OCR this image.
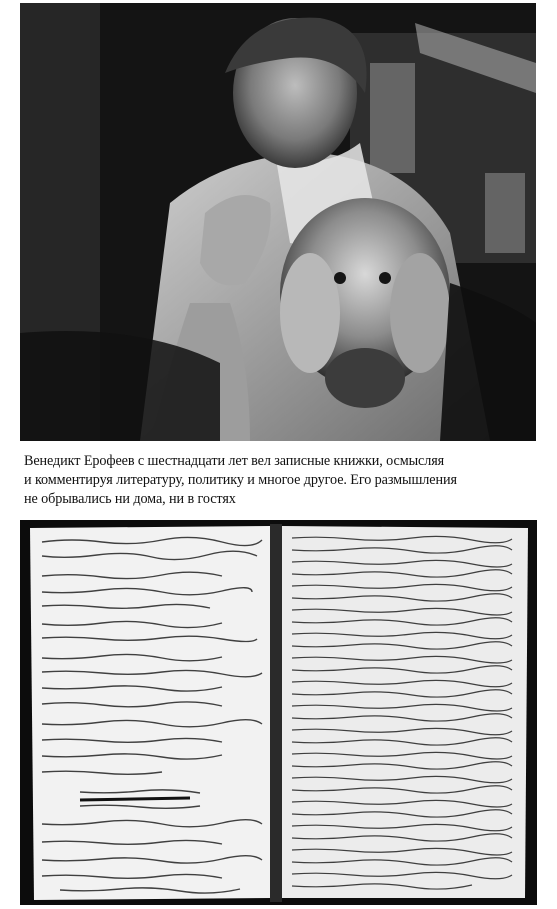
Венедикт Ерофеев с шестнадцати лет вел записные книжки, осмысляя
и комментируя литературу, политику и многое другое. Его размышления
не обрывались ни дома, ни в гостях
